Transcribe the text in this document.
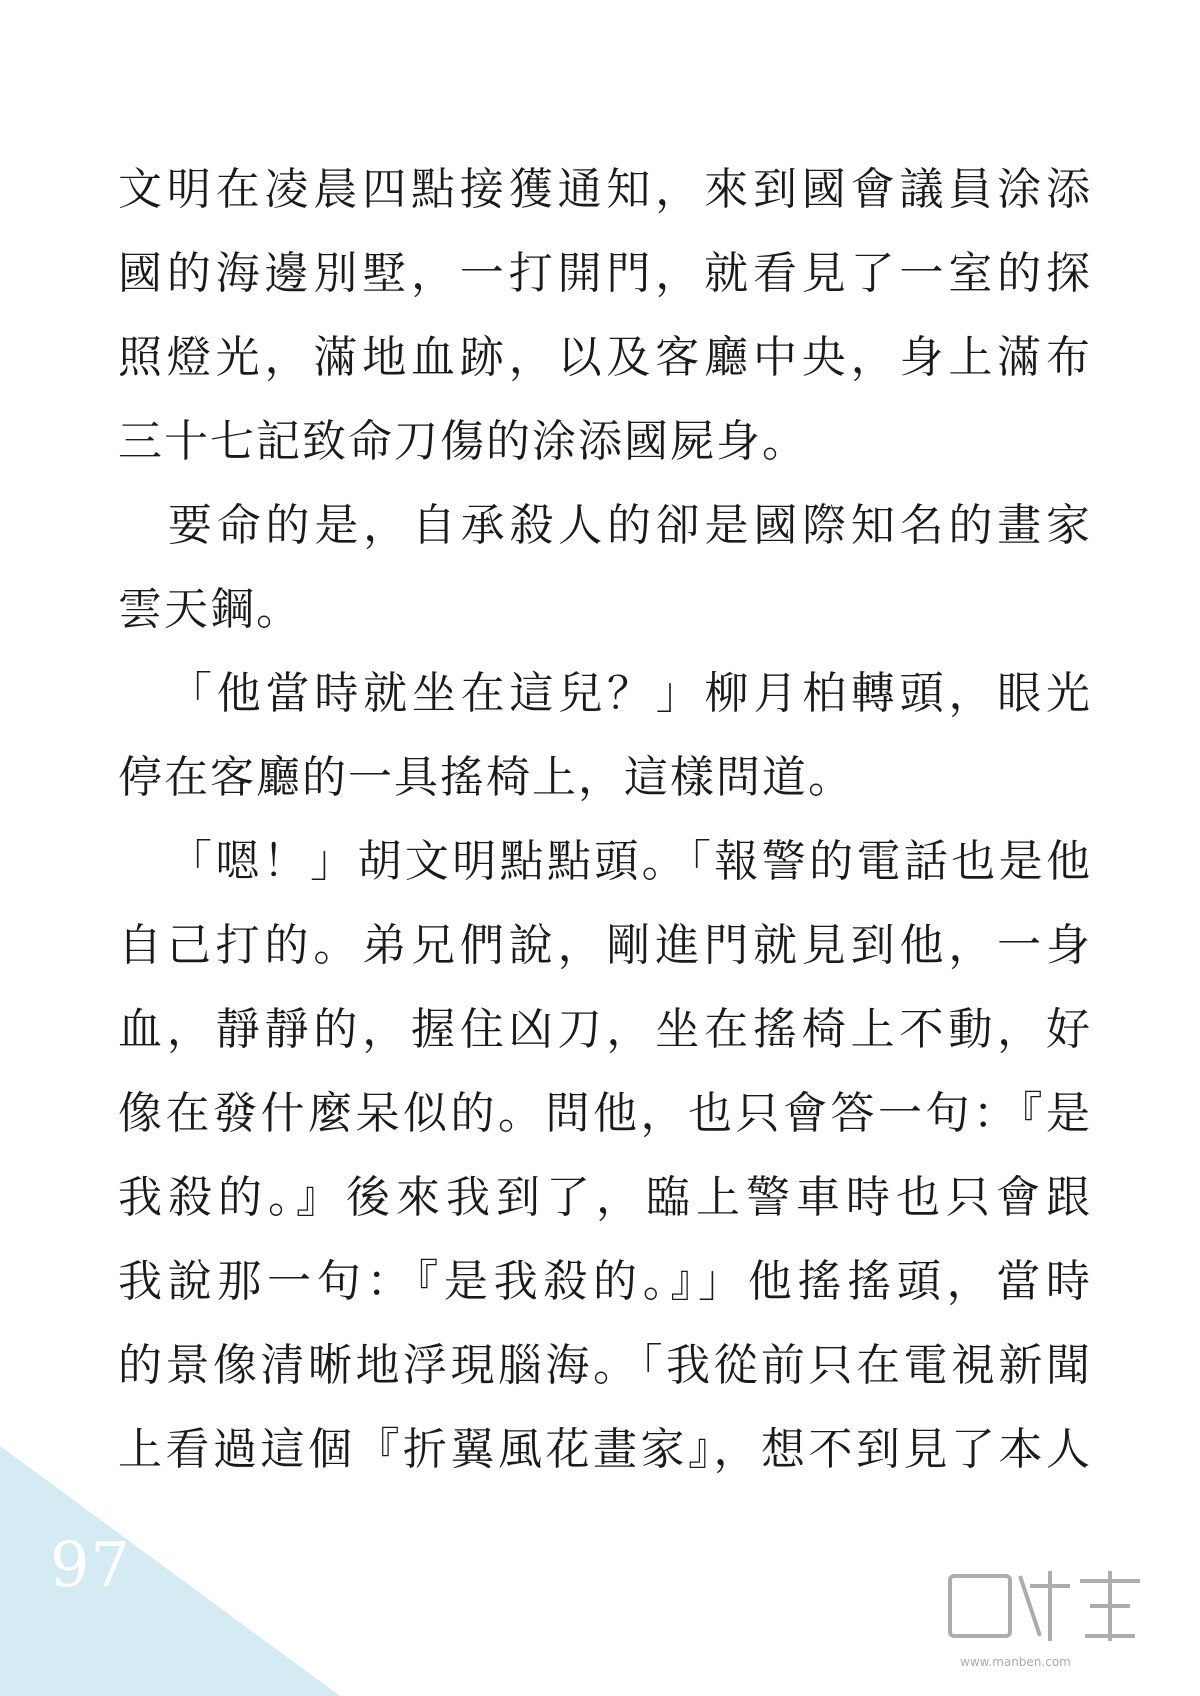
文明在凌晨四點接獲通知，來到國會議員涂添

國的海邊別墅，一打開門，就看見了一室的探

照燈光，滿地血跡，以及客廳中央，身上滿布

三十七記致命刀傷的涂添國屍身。

要命的是，自承殺人的卻是國際知名的畫家

雲天鋼。

「他當時就坐在這兒？」柳月柏轉頭，眼光

停在客廳的一具搖椅上，這樣問道。

「嗯！」胡文明點點頭。「報警的電話也是他

自己打的。弟兄們說，剛進門就見到他，一身

血，靜靜的，握住凶刀，坐在搖椅上不動，好

像在發什麼呆似的。問他，也只會答一句：『是

我殺的。』後來我到了，臨上警車時也只會跟

我說那一句：『是我殺的。』」他搖搖頭，當時

的景像清晰地浮現腦海。「我從前只在電視新聞

上看過這個『折翼風花畫家』，想不到見了本人

97
www.manben.com
